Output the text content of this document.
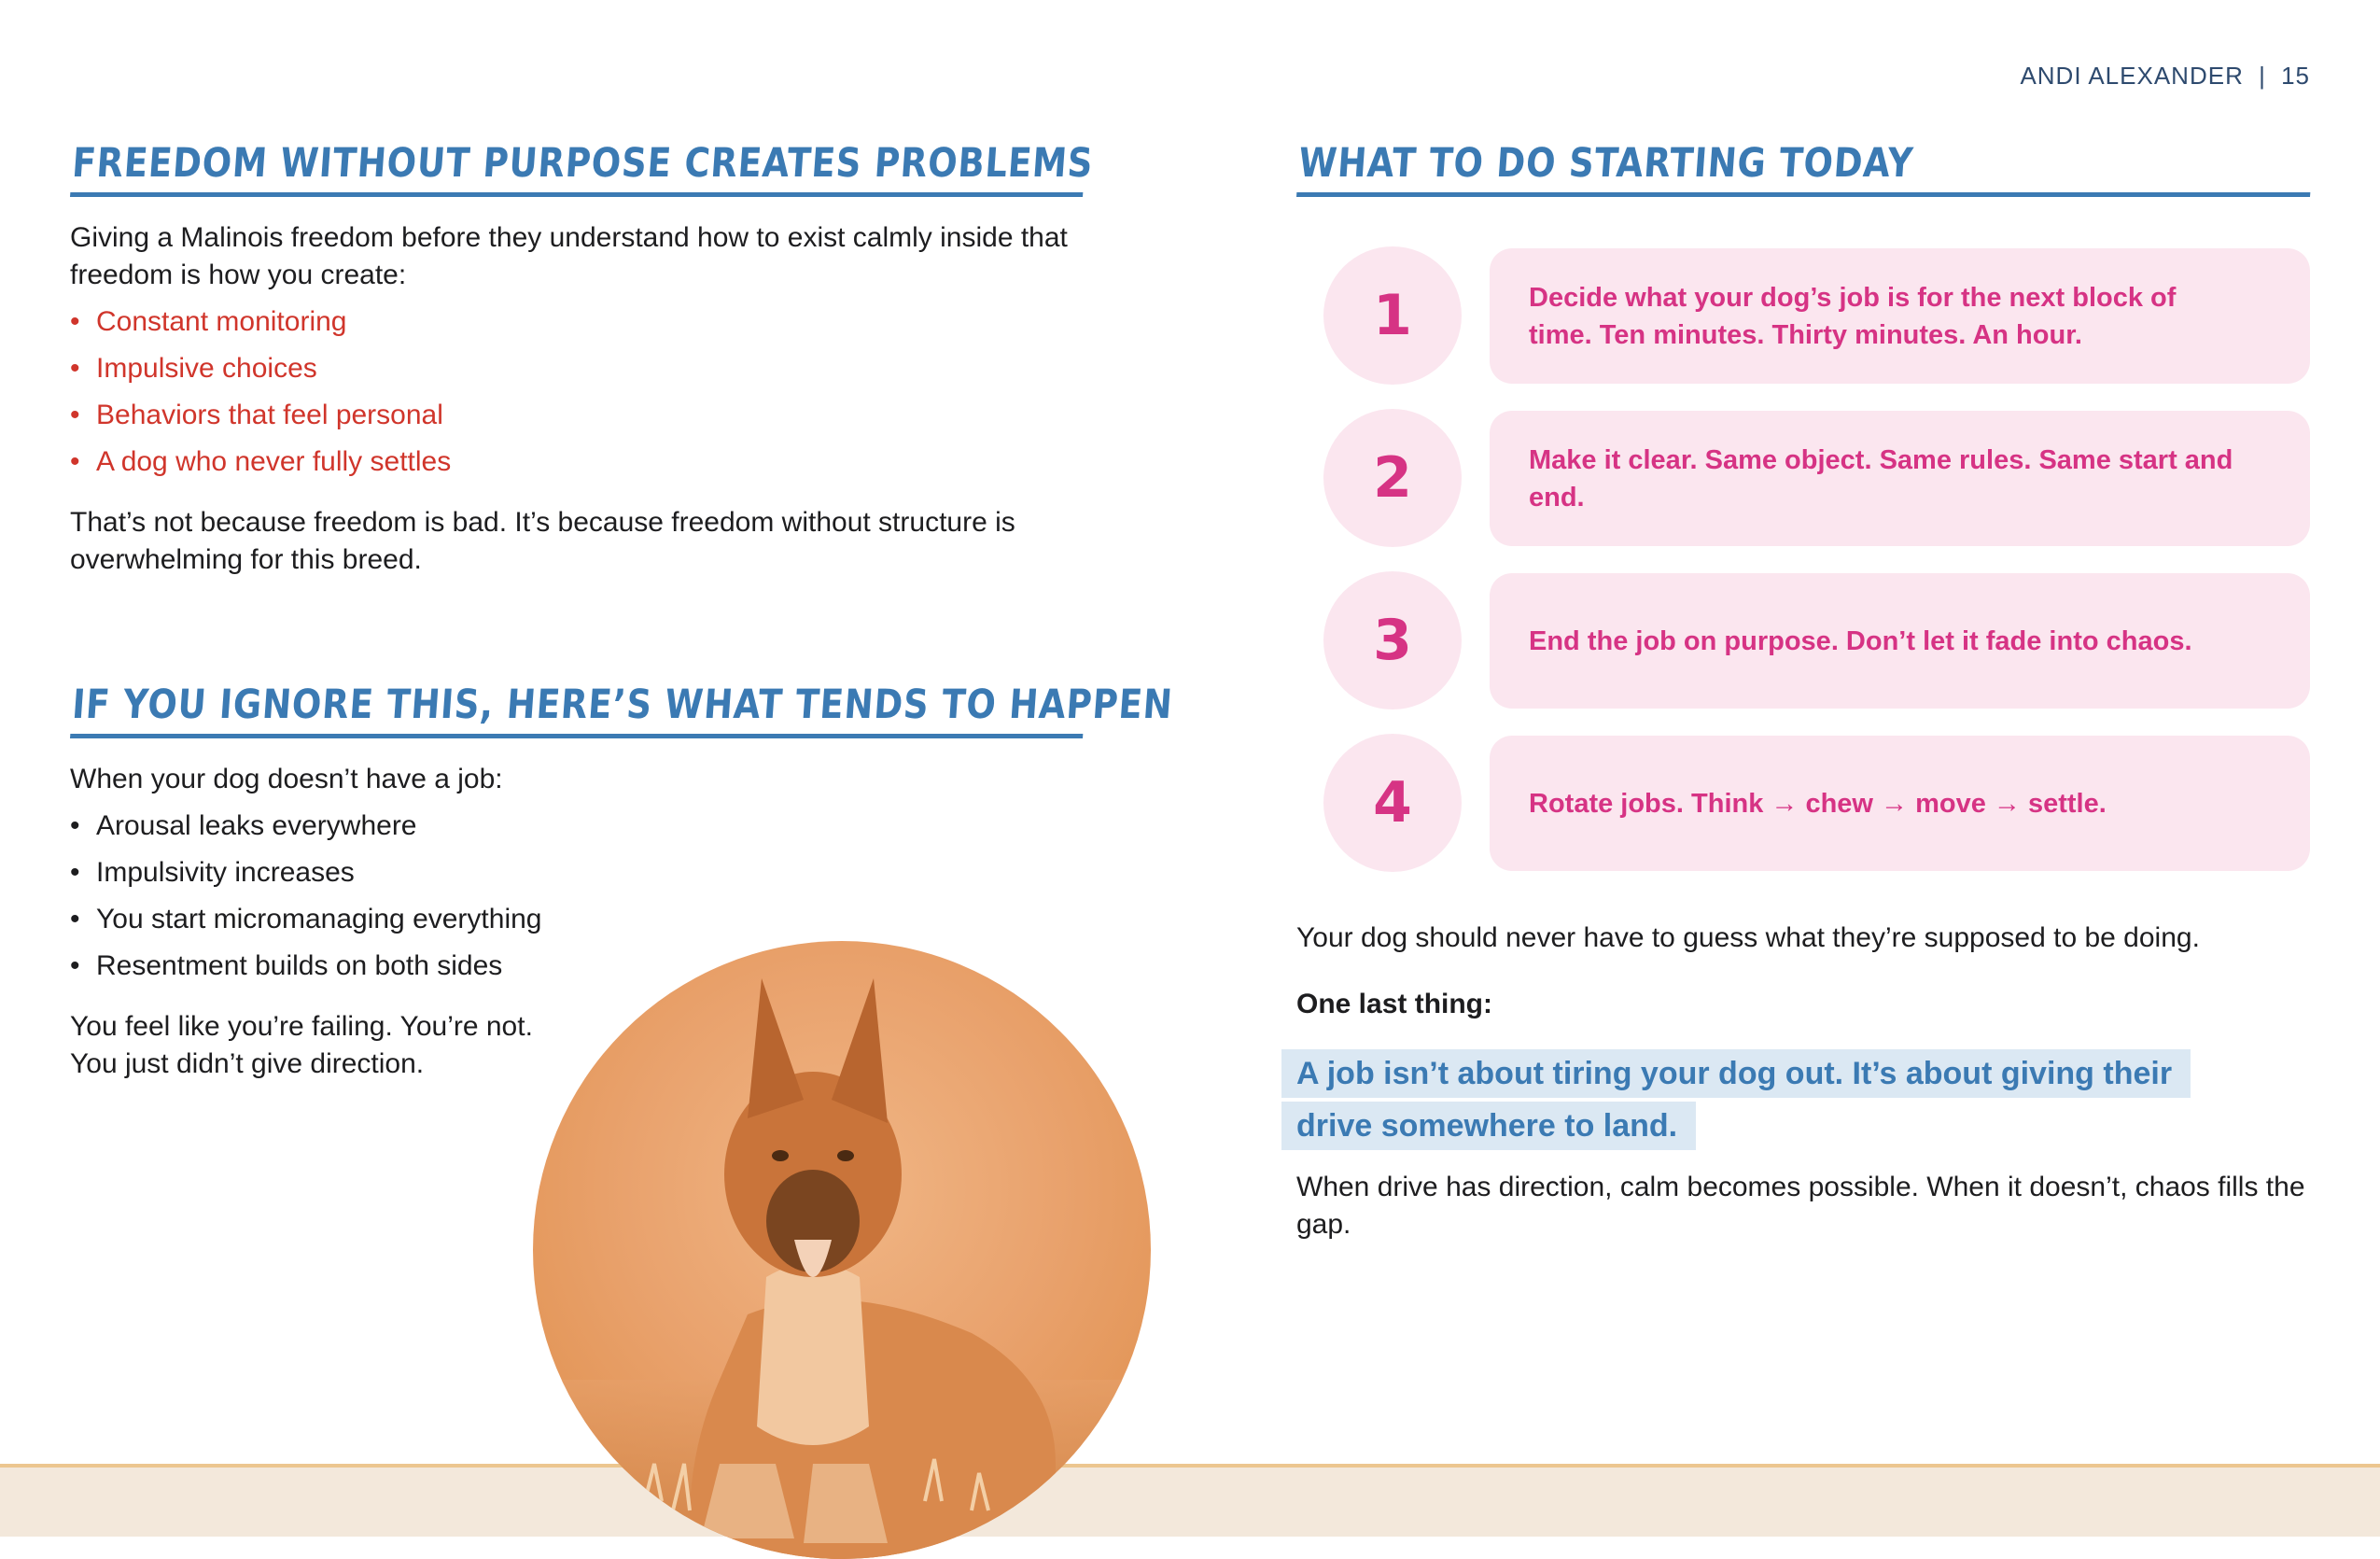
ANDI ALEXANDER | 15
FREEDOM WITHOUT PURPOSE CREATES PROBLEMS

Giving a Malinois freedom before they understand how to exist calmly inside that freedom is how you create:

• Constant monitoring
• Impulsive choices
• Behaviors that feel personal
• A dog who never fully settles

That’s not because freedom is bad. It’s because freedom without structure is overwhelming for this breed.

IF YOU IGNORE THIS, HERE’S WHAT TENDS TO HAPPEN

When your dog doesn’t have a job:

• Arousal leaks everywhere
• Impulsivity increases
• You start micromanaging everything
• Resentment builds on both sides

You feel like you’re failing. You’re not.
You just didn’t give direction.

WHAT TO DO STARTING TODAY
1	Decide what your dog’s job is for the next block of time. Ten minutes. Thirty minutes. An hour.
2	Make it clear. Same object. Same rules. Same start and end.
3	End the job on purpose. Don’t let it fade into chaos.
4	Rotate jobs. Think → chew → move → settle.

Your dog should never have to guess what they’re supposed to be doing.

One last thing:

A job isn’t about tiring your dog out. It’s about giving their
drive somewhere to land.

When drive has direction, calm becomes possible. When it doesn’t, chaos fills the gap.
